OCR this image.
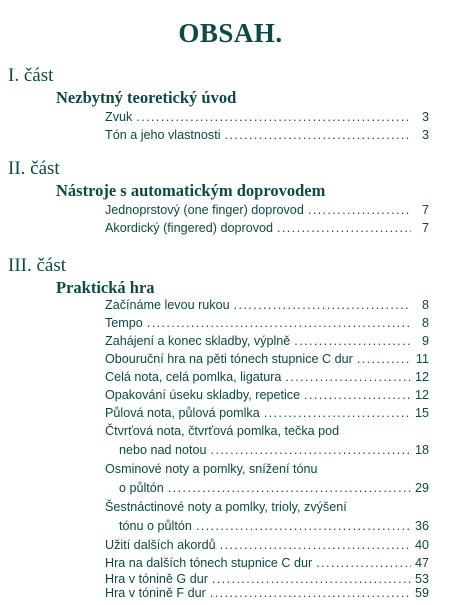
OBSAH.
I. část
Nezbytný teoretický úvod
Zvuk .....	3
Tón a jeho vlastnosti .....	3
II. část
Nástroje s automatickým doprovodem
Jednoprstový (one finger) doprovod .....	7
Akordický (fingered) doprovod .....	7
III. část
Praktická hra
Začínáme levou rukou .....	8
Tempo .....	8
Zahájení a konec skladby, výplně .....	9
Obouruční hra na pěti tónech stupnice C dur .....	11
Celá nota, celá pomlka, ligatura .....	12
Opakování úseku skladby, repetice .....	12
Půlová nota, půlová pomlka .....	15
Čtvrťová nota, čtvrťová pomlka, tečka pod
nebo nad notou .....	18
Osminové noty a pomlky, snížení tónu
o půltón .....	29
Šestnáctinové noty a pomlky, trioly, zvýšení
tónu o půltón .....	36
Užití dalších akordů .....	40
Hra na dalších tónech stupnice C dur .....	47
Hra v tónině G dur .....	53
Hra v tónině F dur .....	59
